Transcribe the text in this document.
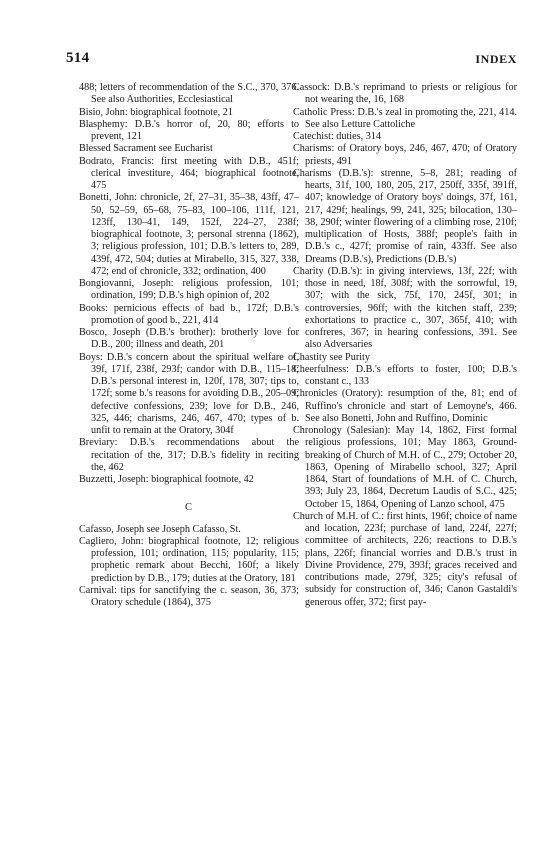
514	INDEX

488; letters of recommendation of the S.C., 370, 376. See also Authorities, Ecclesiastical

Bisio, John: biographical footnote, 21

Blasphemy: D.B.'s horror of, 20, 80; efforts to prevent, 121

Blessed Sacrament see Eucharist

Bodrato, Francis: first meeting with D.B., 451f; clerical investiture, 464; biographical footnote, 475

Bonetti, John: chronicle, 2f, 27–31, 35–38, 43ff, 47–50, 52–59, 65–68, 75–83, 100–106, 111f, 121, 123ff, 130–41, 149, 152f, 224–27, 238f; biographical footnote, 3; personal strenna (1862), 3; religious profession, 101; D.B.'s letters to, 289, 439f, 472, 504; duties at Mirabello, 315, 327, 338, 472; end of chronicle, 332; ordination, 400

Bongiovanni, Joseph: religious profession, 101; ordination, 199; D.B.'s high opinion of, 202

Books: pernicious effects of bad b., 172f; D.B.'s promotion of good b., 221, 414

Bosco, Joseph (D.B.'s brother): brotherly love for D.B., 200; illness and death, 201

Boys: D.B.'s concern about the spiritual welfare of, 39f, 171f, 238f, 293f; candor with D.B., 115–18; D.B.'s personal interest in, 120f, 178, 307; tips to, 172f; some b.'s reasons for avoiding D.B., 205–09; defective confessions, 239; love for D.B., 246, 325, 446; charisms, 246, 467, 470; types of b. unfit to remain at the Oratory, 304f

Breviary: D.B.'s recommendations about the recitation of the, 317; D.B.'s fidelity in reciting the, 462

Buzzetti, Joseph: biographical footnote, 42

C

Cafasso, Joseph see Joseph Cafasso, St.

Cagliero, John: biographical footnote, 12; religious profession, 101; ordination, 115; popularity, 115; prophetic remark about Becchi, 160f; a likely prediction by D.B., 179; duties at the Oratory, 181

Carnival: tips for sanctifying the c. season, 36, 373; Oratory schedule (1864), 375

Cassock: D.B.'s reprimand to priests or religious for not wearing the, 16, 168

Catholic Press: D.B.'s zeal in promoting the, 221, 414. See also Letture Cattoliche

Catechist: duties, 314

Charisms: of Oratory boys, 246, 467, 470; of Oratory priests, 491

Charisms (D.B.'s): strenne, 5–8, 281; reading of hearts, 31f, 100, 180, 205, 217, 250ff, 335f, 391ff, 407; knowledge of Oratory boys' doings, 37f, 161, 217, 429f; healings, 99, 241, 325; bilocation, 130–38, 290f; winter flowering of a climbing rose, 210f; multiplication of Hosts, 388f; people's faith in D.B.'s c., 427f; promise of rain, 433ff. See also Dreams (D.B.'s), Predictions (D.B.'s)

Charity (D.B.'s): in giving interviews, 13f, 22f; with those in need, 18f, 308f; with the sorrowful, 19, 307; with the sick, 75f, 170, 245f, 301; in controversies, 96ff; with the kitchen staff, 239; exhortations to practice c., 307, 365f, 410; with confreres, 367; in hearing confessions, 391. See also Adversaries

Chastity see Purity

Cheerfulness: D.B.'s efforts to foster, 100; D.B.'s constant c., 133

Chronicles (Oratory): resumption of the, 81; end of Ruffino's chronicle and start of Lemoyne's, 466. See also Bonetti, John and Ruffino, Dominic

Chronology (Salesian): May 14, 1862, First formal religious professions, 101; May 1863, Ground-breaking of Church of M.H. of C., 279; October 20, 1863, Opening of Mirabello school, 327; April 1864, Start of foundations of M.H. of C. Church, 393; July 23, 1864, Decretum Laudis of S.C., 425; October 15, 1864, Opening of Lanzo school, 475

Church of M.H. of C.: first hints, 196f; choice of name and location, 223f; purchase of land, 224f, 227f; committee of architects, 226; reactions to D.B.'s plans, 226f; financial worries and D.B.'s trust in Divine Providence, 279, 393f; graces received and contributions made, 279f, 325; city's refusal of subsidy for construction of, 346; Canon Gastaldi's generous offer, 372; first pay-
